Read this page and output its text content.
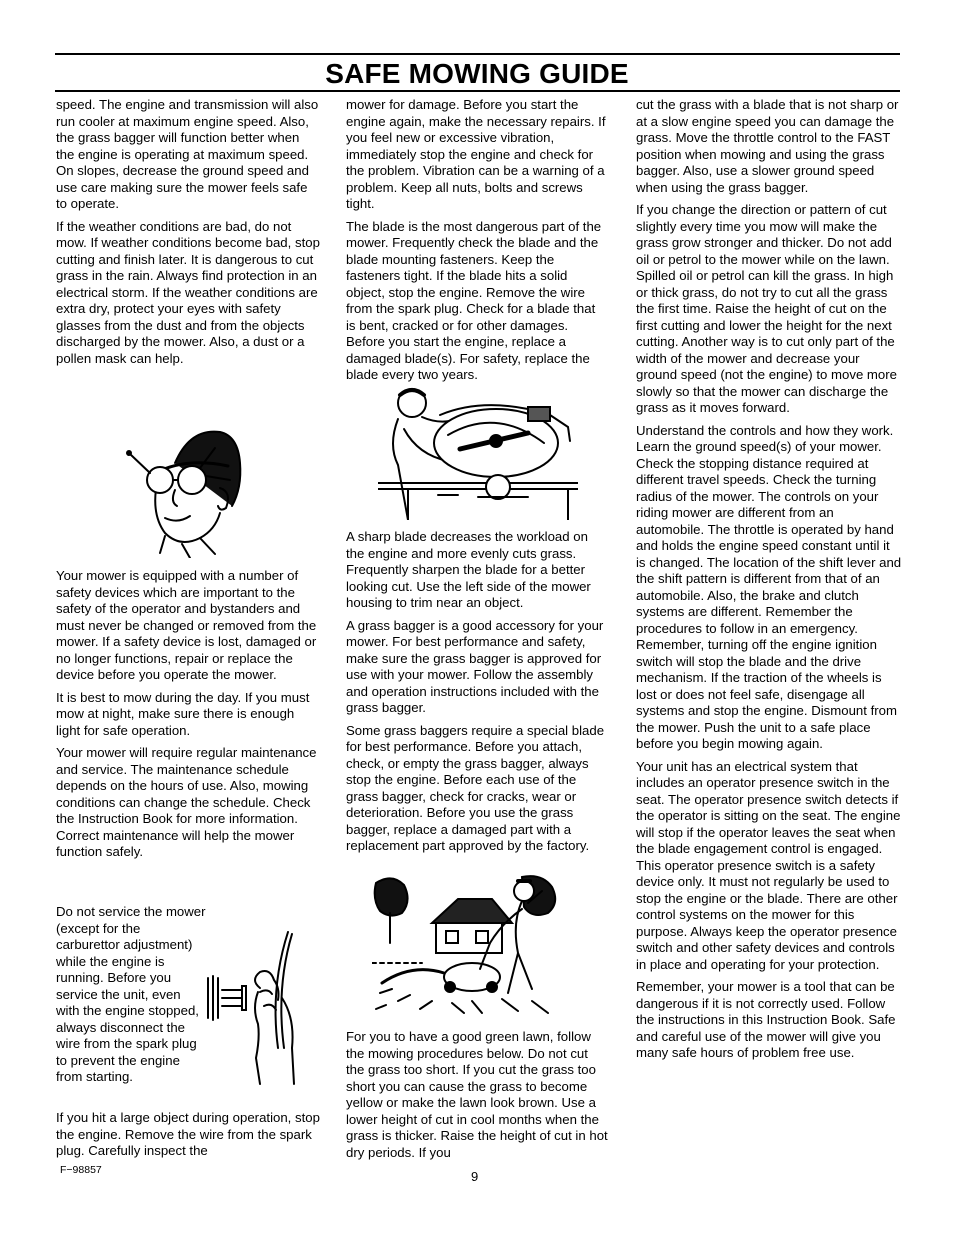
SAFE MOWING GUIDE

speed. The engine and transmission will also run cooler at maximum engine speed. Also, the grass bagger will function better when the engine is operating at maximum speed. On slopes, decrease the ground speed and use care making sure the mower feels safe to operate.

If the weather conditions are bad, do not mow. If weather conditions become bad, stop cutting and finish later. It is dangerous to cut grass in the rain. Always find protection in an electrical storm. If the weather conditions are extra dry, protect your eyes with safety glasses from the dust and from the objects discharged by the mower. Also, a dust or a pollen mask can help.

Your mower is equipped with a number of safety devices which are important to the safety of the operator and bystanders and must never be changed or removed from the mower. If a safety device is lost, damaged or no longer functions, repair or replace the device before you operate the mower.

It is best to mow during the day. If you must mow at night, make sure there is enough light for safe operation.

Your mower will require regular maintenance and service. The maintenance schedule depends on the hours of use. Also, mowing conditions can change the schedule. Check the Instruction Book for more information. Correct maintenance will help the mower function safely.

Do not service the mower (except for the carburettor adjustment) while the engine is running. Before you service the unit, even with the engine stopped, always disconnect the wire from the spark plug to prevent the engine from starting.

If you hit a large object during operation, stop the engine. Remove the wire from the spark plug. Carefully inspect the

mower for damage. Before you start the engine again, make the necessary repairs. If you feel new or excessive vibration, immediately stop the engine and check for the problem. Vibration can be a warning of a problem. Keep all nuts, bolts and screws tight.

The blade is the most dangerous part of the mower. Frequently check the blade and the blade mounting fasteners. Keep the fasteners tight. If the blade hits a solid object, stop the engine. Remove the wire from the spark plug. Check for a blade that is bent, cracked or for other damages. Before you start the engine, replace a damaged blade(s). For safety, replace the blade every two years.

A sharp blade decreases the workload on the engine and more evenly cuts grass. Frequently sharpen the blade for a better looking cut. Use the left side of the mower housing to trim near an object.

A grass bagger is a good accessory for your mower. For best performance and safety, make sure the grass bagger is approved for use with your mower. Follow the assembly and operation instructions included with the grass bagger.

Some grass baggers require a special blade for best performance. Before you attach, check, or empty the grass bagger, always stop the engine. Before each use of the grass bagger, check for cracks, wear or deterioration. Before you use the grass bagger, replace a damaged part with a replacement part approved by the factory.

For you to have a good green lawn, follow the mowing procedures below. Do not cut the grass too short. If you cut the grass too short you can cause the grass to become yellow or make the lawn look brown. Use a lower height of cut in cool months when the grass is thicker. Raise the height of cut in hot dry periods. If you

cut the grass with a blade that is not sharp or at a slow engine speed you can damage the grass. Move the throttle control to the FAST position when mowing and using the grass bagger. Also, use a slower ground speed when using the grass bagger.

If you change the direction or pattern of cut slightly every time you mow will make the grass grow stronger and thicker. Do not add oil or petrol to the mower while on the lawn. Spilled oil or petrol can kill the grass. In high or thick grass, do not try to cut all the grass the first time. Raise the height of cut on the first cutting and lower the height for the next cutting. Another way is to cut only part of the width of the mower and decrease your ground speed (not the engine) to move more slowly so that the mower can discharge the grass as it moves forward.

Understand the controls and how they work. Learn the ground speed(s) of your mower. Check the stopping distance required at different travel speeds. Check the turning radius of the mower. The controls on your riding mower are different from an automobile. The throttle is operated by hand and holds the engine speed constant until it is changed. The location of the shift lever and the shift pattern is different from that of an automobile. Also, the brake and clutch systems are different. Remember the procedures to follow in an emergency. Remember, turning off the engine ignition switch will stop the blade and the drive mechanism. If the traction of the wheels is lost or does not feel safe, disengage all systems and stop the engine. Dismount from the mower. Push the unit to a safe place before you begin mowing again.

Your unit has an electrical system that includes an operator presence switch in the seat. The operator presence switch detects if the operator is sitting on the seat. The engine will stop if the operator leaves the seat when the blade engagement control is engaged. This operator presence switch is a safety device only. It must not regularly be used to stop the engine or the blade. There are other control systems on the mower for this purpose. Always keep the operator presence switch and other safety devices and controls in place and operating for your protection.

Remember, your mower is a tool that can be dangerous if it is not correctly used. Follow the instructions in this Instruction Book. Safe and careful use of the mower will give you many safe hours of problem free use.

F−98857	9
